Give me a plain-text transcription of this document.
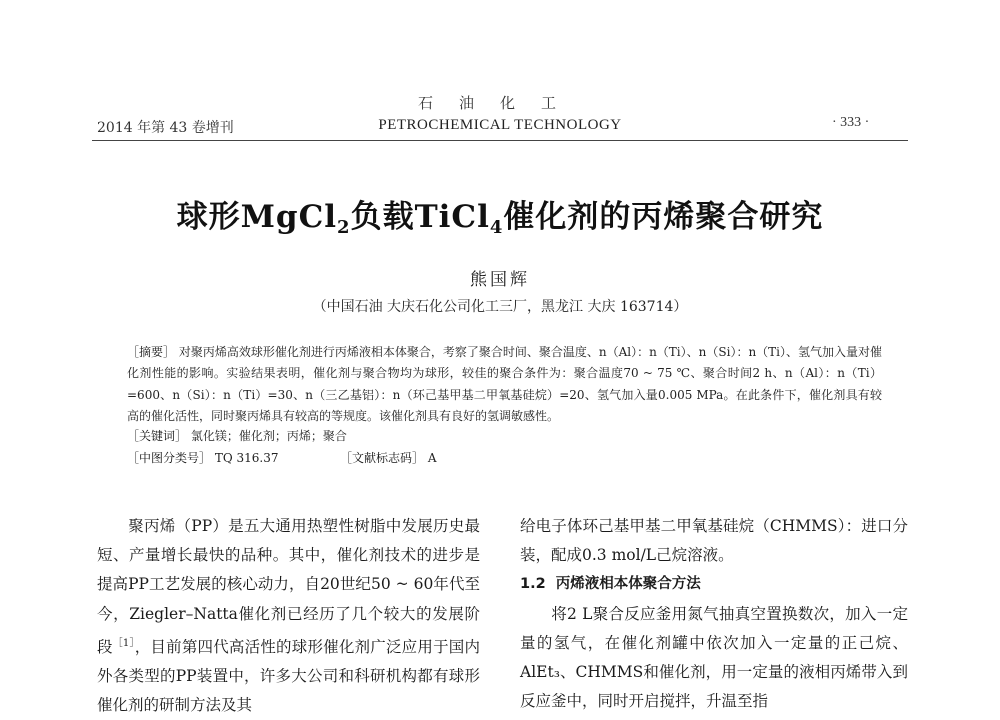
石油化工
2014 年第 43 卷增刊	PETROCHEMICAL TECHNOLOGY	· 333 ·
球形MgCl$_2$负载TiCl$_4$催化剂的丙烯聚合研究
熊国辉
（中国石油 大庆石化公司化工三厂，黑龙江 大庆 163714）
［摘要］ 对聚丙烯高效球形催化剂进行丙烯液相本体聚合，考察了聚合时间、聚合温度、n（Al）：n（Ti）、n（Si）：n（Ti）、氢气加入量对催化剂性能的影响。实验结果表明，催化剂与聚合物均为球形，较佳的聚合条件为：聚合温度70 ~ 75 ℃、聚合时间2 h、n（Al）：n（Ti）=600、n（Si）：n（Ti）=30、n（三乙基铝）：n（环己基甲基二甲氧基硅烷）=20、氢气加入量0.005 MPa。在此条件下，催化剂具有较高的催化活性，同时聚丙烯具有较高的等规度。该催化剂具有良好的氢调敏感性。
［关键词］ 氯化镁；催化剂；丙烯；聚合
［中图分类号］ TQ 316.37	［文献标志码］ A
聚丙烯（PP）是五大通用热塑性树脂中发展历史最短、产量增长最快的品种。其中，催化剂技术的进步是提高PP工艺发展的核心动力，自20世纪50 ~ 60年代至今，Ziegler–Natta催化剂已经历了几个较大的发展阶段$^{[1]}$，目前第四代高活性的球形催化剂广泛应用于国内外各类型的PP装置中，许多大公司和科研机构都有球形催化剂的研制方法及其
给电子体环己基甲基二甲氧基硅烷（CHMMS）：进口分装，配成0.3 mol/L己烷溶液。
1.2 丙烯液相本体聚合方法
将2 L聚合反应釜用氮气抽真空置换数次，加入一定量的氢气，在催化剂罐中依次加入一定量的正己烷、AlEt₃、CHMMS和催化剂，用一定量的液相丙烯带入到反应釜中，同时开启搅拌，升温至指
